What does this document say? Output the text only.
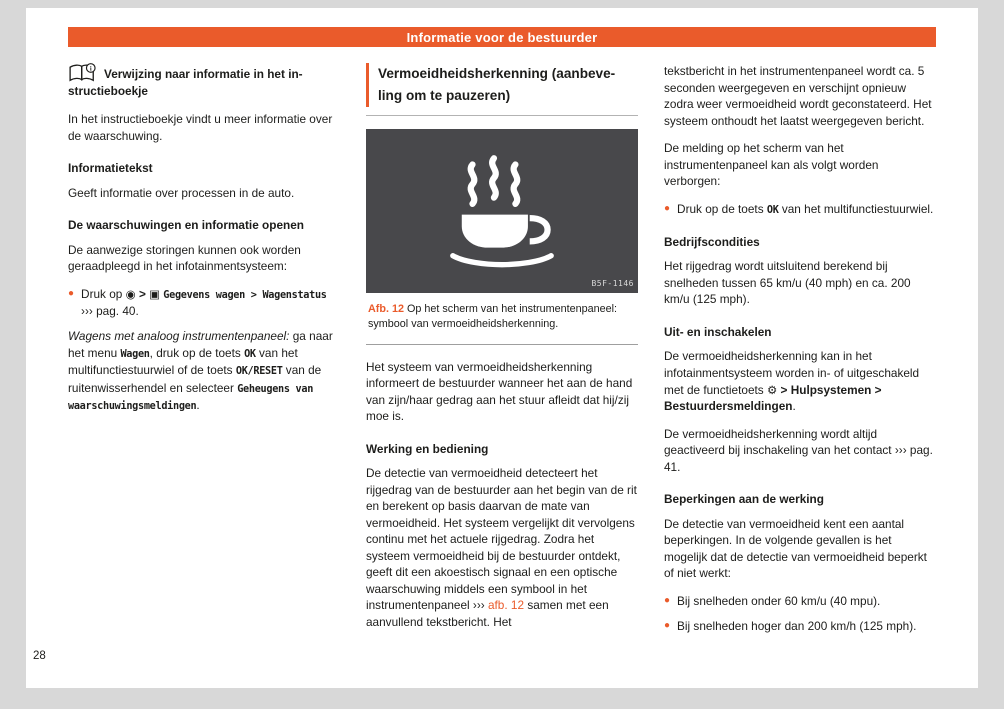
Informatie voor de bestuurder
i Verwijzing naar informatie in het in-
structieboekje

In het instructieboekje vindt u meer informatie over de waarschuwing.

Informatietekst

Geeft informatie over processen in de auto.

De waarschuwingen en informatie openen

De aanwezige storingen kunnen ook worden geraadpleegd in het infotainmentsysteem:

● Druk op ◉ > ▣ Gegevens wagen > Wagenstatus ››› pag. 40.

Wagens met analoog instrumentenpaneel: ga naar het menu Wagen, druk op de toets OK van het multifunctiestuurwiel of de toets OK/RESET van de ruitenwisserhendel en selecteer Geheugens van waarschuwingsmeldingen.

Vermoeidheidsherkenning (aanbeve-
ling om te pauzeren)
B5F-1146
Afb. 12 Op het scherm van het instrumentenpaneel: symbool van vermoeidheidsherkenning.

Het systeem van vermoeidheidsherkenning informeert de bestuurder wanneer het aan de hand van zijn/haar gedrag aan het stuur afleidt dat hij/zij moe is.

Werking en bediening

De detectie van vermoeidheid detecteert het rijgedrag van de bestuurder aan het begin van de rit en berekent op basis daarvan de mate van vermoeidheid. Het systeem vergelijkt dit vervolgens continu met het actuele rijgedrag. Zodra het systeem vermoeidheid bij de bestuurder ontdekt, geeft dit een akoestisch signaal en een optische waarschuwing middels een symbool in het instrumentenpaneel ››› afb. 12 samen met een aanvullend tekstbericht. Het

tekstbericht in het instrumentenpaneel wordt ca. 5 seconden weergegeven en verschijnt opnieuw zodra weer vermoeidheid wordt geconstateerd. Het systeem onthoudt het laatst weergegeven bericht.

De melding op het scherm van het instrumentenpaneel kan als volgt worden verborgen:

● Druk op de toets OK van het multifunctiestuurwiel.
Bedrijfscondities

Het rijgedrag wordt uitsluitend berekend bij snelheden tussen 65 km/u (40 mph) en ca. 200 km/u (125 mph).

Uit- en inschakelen

De vermoeidheidsherkenning kan in het infotainmentsysteem worden in- of uitgeschakeld met de functietoets ⚙ > Hulpsystemen > Bestuurdersmeldingen.

De vermoeidheidsherkenning wordt altijd geactiveerd bij inschakeling van het contact ››› pag. 41.

Beperkingen aan de werking

De detectie van vermoeidheid kent een aantal beperkingen. In de volgende gevallen is het mogelijk dat de detectie van vermoeidheid beperkt of niet werkt:

● Bij snelheden onder 60 km/u (40 mpu).
● Bij snelheden hoger dan 200 km/h (125 mph).
28
